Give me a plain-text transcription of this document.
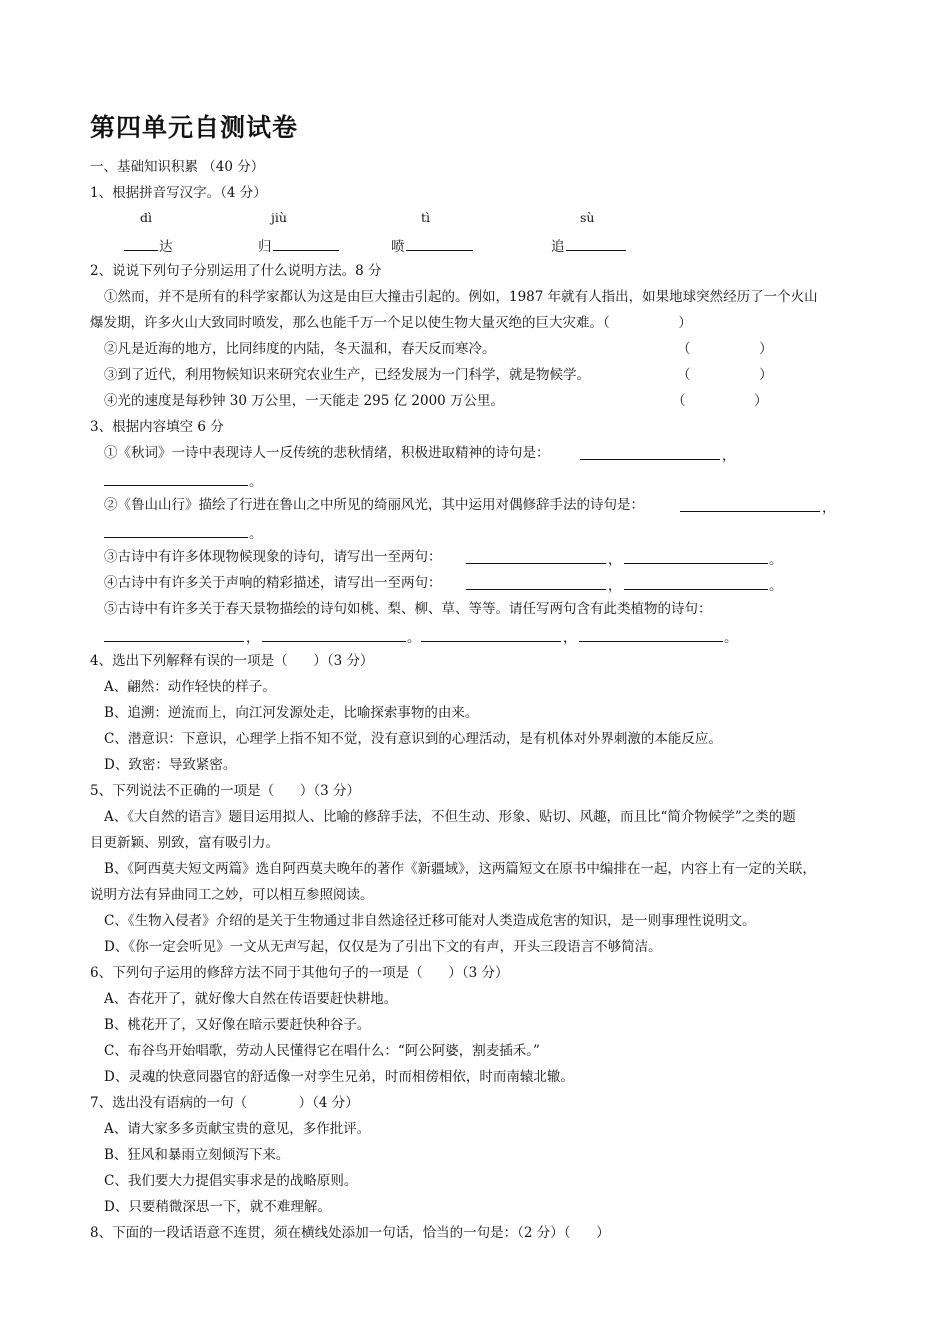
第四单元自测试卷
一、基础知识积累 （40 分）
1、根据拼音写汉字。（4 分）
dì	jiù	tì	sù
达	归	喷	追
2、说说下列句子分别运用了什么说明方法。8 分
①然而，并不是所有的科学家都认为这是由巨大撞击引起的。例如，1987 年就有人指出，如果地球突然经历了一个火山
爆发期，许多火山大致同时喷发，那么也能千万一个足以使生物大量灭绝的巨大灾难。（                ）
②凡是近海的地方，比同纬度的内陆，冬天温和，春天反而寒冷。	（                ）
③到了近代，利用物候知识来研究农业生产，已经发展为一门科学，就是物候学。	（                ）
④光的速度是每秒钟 30 万公里，一天能走 295 亿 2000 万公里。	（                ）
3、根据内容填空 6 分
①《秋词》一诗中表现诗人一反传统的悲秋情绪，积极进取精神的诗句是：	，
。
②《鲁山山行》描绘了行进在鲁山之中所见的绮丽风光，其中运用对偶修辞手法的诗句是：	，
。
③古诗中有许多体现物候现象的诗句，请写出一至两句：	，	。
④古诗中有许多关于声响的精彩描述，请写出一至两句：	，	。
⑤古诗中有许多关于春天景物描绘的诗句如桃、梨、柳、草、等等。请任写两句含有此类植物的诗句：
，	。	，	。
4、选出下列解释有误的一项是（      ）（3 分）
A、翩然：动作轻快的样子。
B、追溯：逆流而上，向江河发源处走，比喻探索事物的由来。
C、潜意识：下意识，心理学上指不知不觉，没有意识到的心理活动，是有机体对外界刺激的本能反应。
D、致密：导致紧密。
5、下列说法不正确的一项是（      ）（3 分）
A、《大自然的语言》题目运用拟人、比喻的修辞手法，不但生动、形象、贴切、风趣，而且比“简介物候学”之类的题
目更新颖、别致，富有吸引力。
B、《阿西莫夫短文两篇》选自阿西莫夫晚年的著作《新疆域》，这两篇短文在原书中编排在一起，内容上有一定的关联，
说明方法有异曲同工之妙，可以相互参照阅读。
C、《生物入侵者》介绍的是关于生物通过非自然途径迁移可能对人类造成危害的知识，是一则事理性说明文。
D、《你一定会听见》一文从无声写起，仅仅是为了引出下文的有声，开头三段语言不够简洁。
6、下列句子运用的修辞方法不同于其他句子的一项是（      ）（3 分）
A、杏花开了，就好像大自然在传语要赶快耕地。
B、桃花开了，又好像在暗示要赶快种谷子。
C、布谷鸟开始唱歌，劳动人民懂得它在唱什么：“阿公阿婆，割麦插禾。”
D、灵魂的快意同器官的舒适像一对孪生兄弟，时而相傍相依，时而南辕北辙。
7、选出没有语病的一句（            ）（4 分）
A、请大家多多贡献宝贵的意见，多作批评。
B、狂风和暴雨立刻倾泻下来。
C、我们要大力提倡实事求是的战略原则。
D、只要稍微深思一下，就不难理解。
8、下面的一段话语意不连贯，须在横线处添加一句话，恰当的一句是：（2 分）（      ）
